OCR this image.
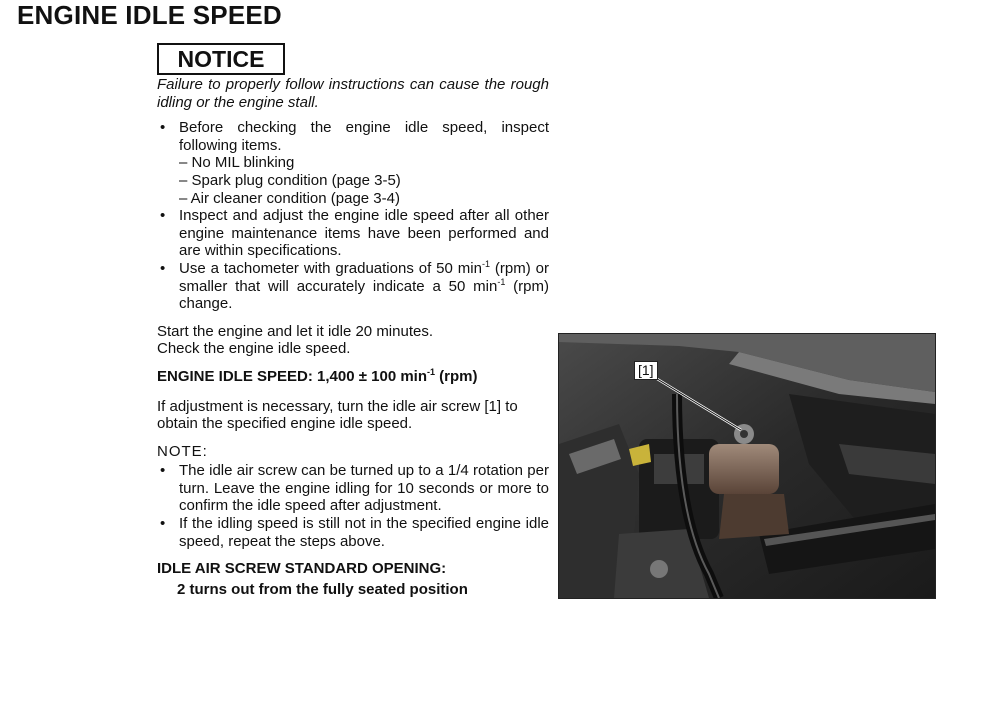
ENGINE IDLE SPEED
NOTICE

Failure to properly follow instructions can cause the rough idling or the engine stall.

• Before checking the engine idle speed, inspect following items.
– No MIL blinking
– Spark plug condition (page 3-5)
– Air cleaner condition (page 3-4)
• Inspect and adjust the engine idle speed after all other engine maintenance items have been performed and are within specifications.
• Use a tachometer with graduations of 50 $\min^{-1} (rpm)$ or smaller that will accurately indicate a 50 $\min^{-1} (rpm)$ change.

Start the engine and let it idle 20 minutes.

Check the engine idle speed.

ENGINE IDLE SPEED: 1,400 ± 100 $\min^{-1} (rpm)$

If adjustment is necessary, turn the idle air screw [1] to obtain the specified engine idle speed.

NOTE:

• The idle air screw can be turned up to a 1/4 rotation per turn. Leave the engine idling for 10 seconds or more to confirm the idle speed after adjustment.
• If the idling speed is still not in the specified engine idle speed, repeat the steps above.

IDLE AIR SCREW STANDARD OPENING:

2 turns out from the fully seated position

[1]
